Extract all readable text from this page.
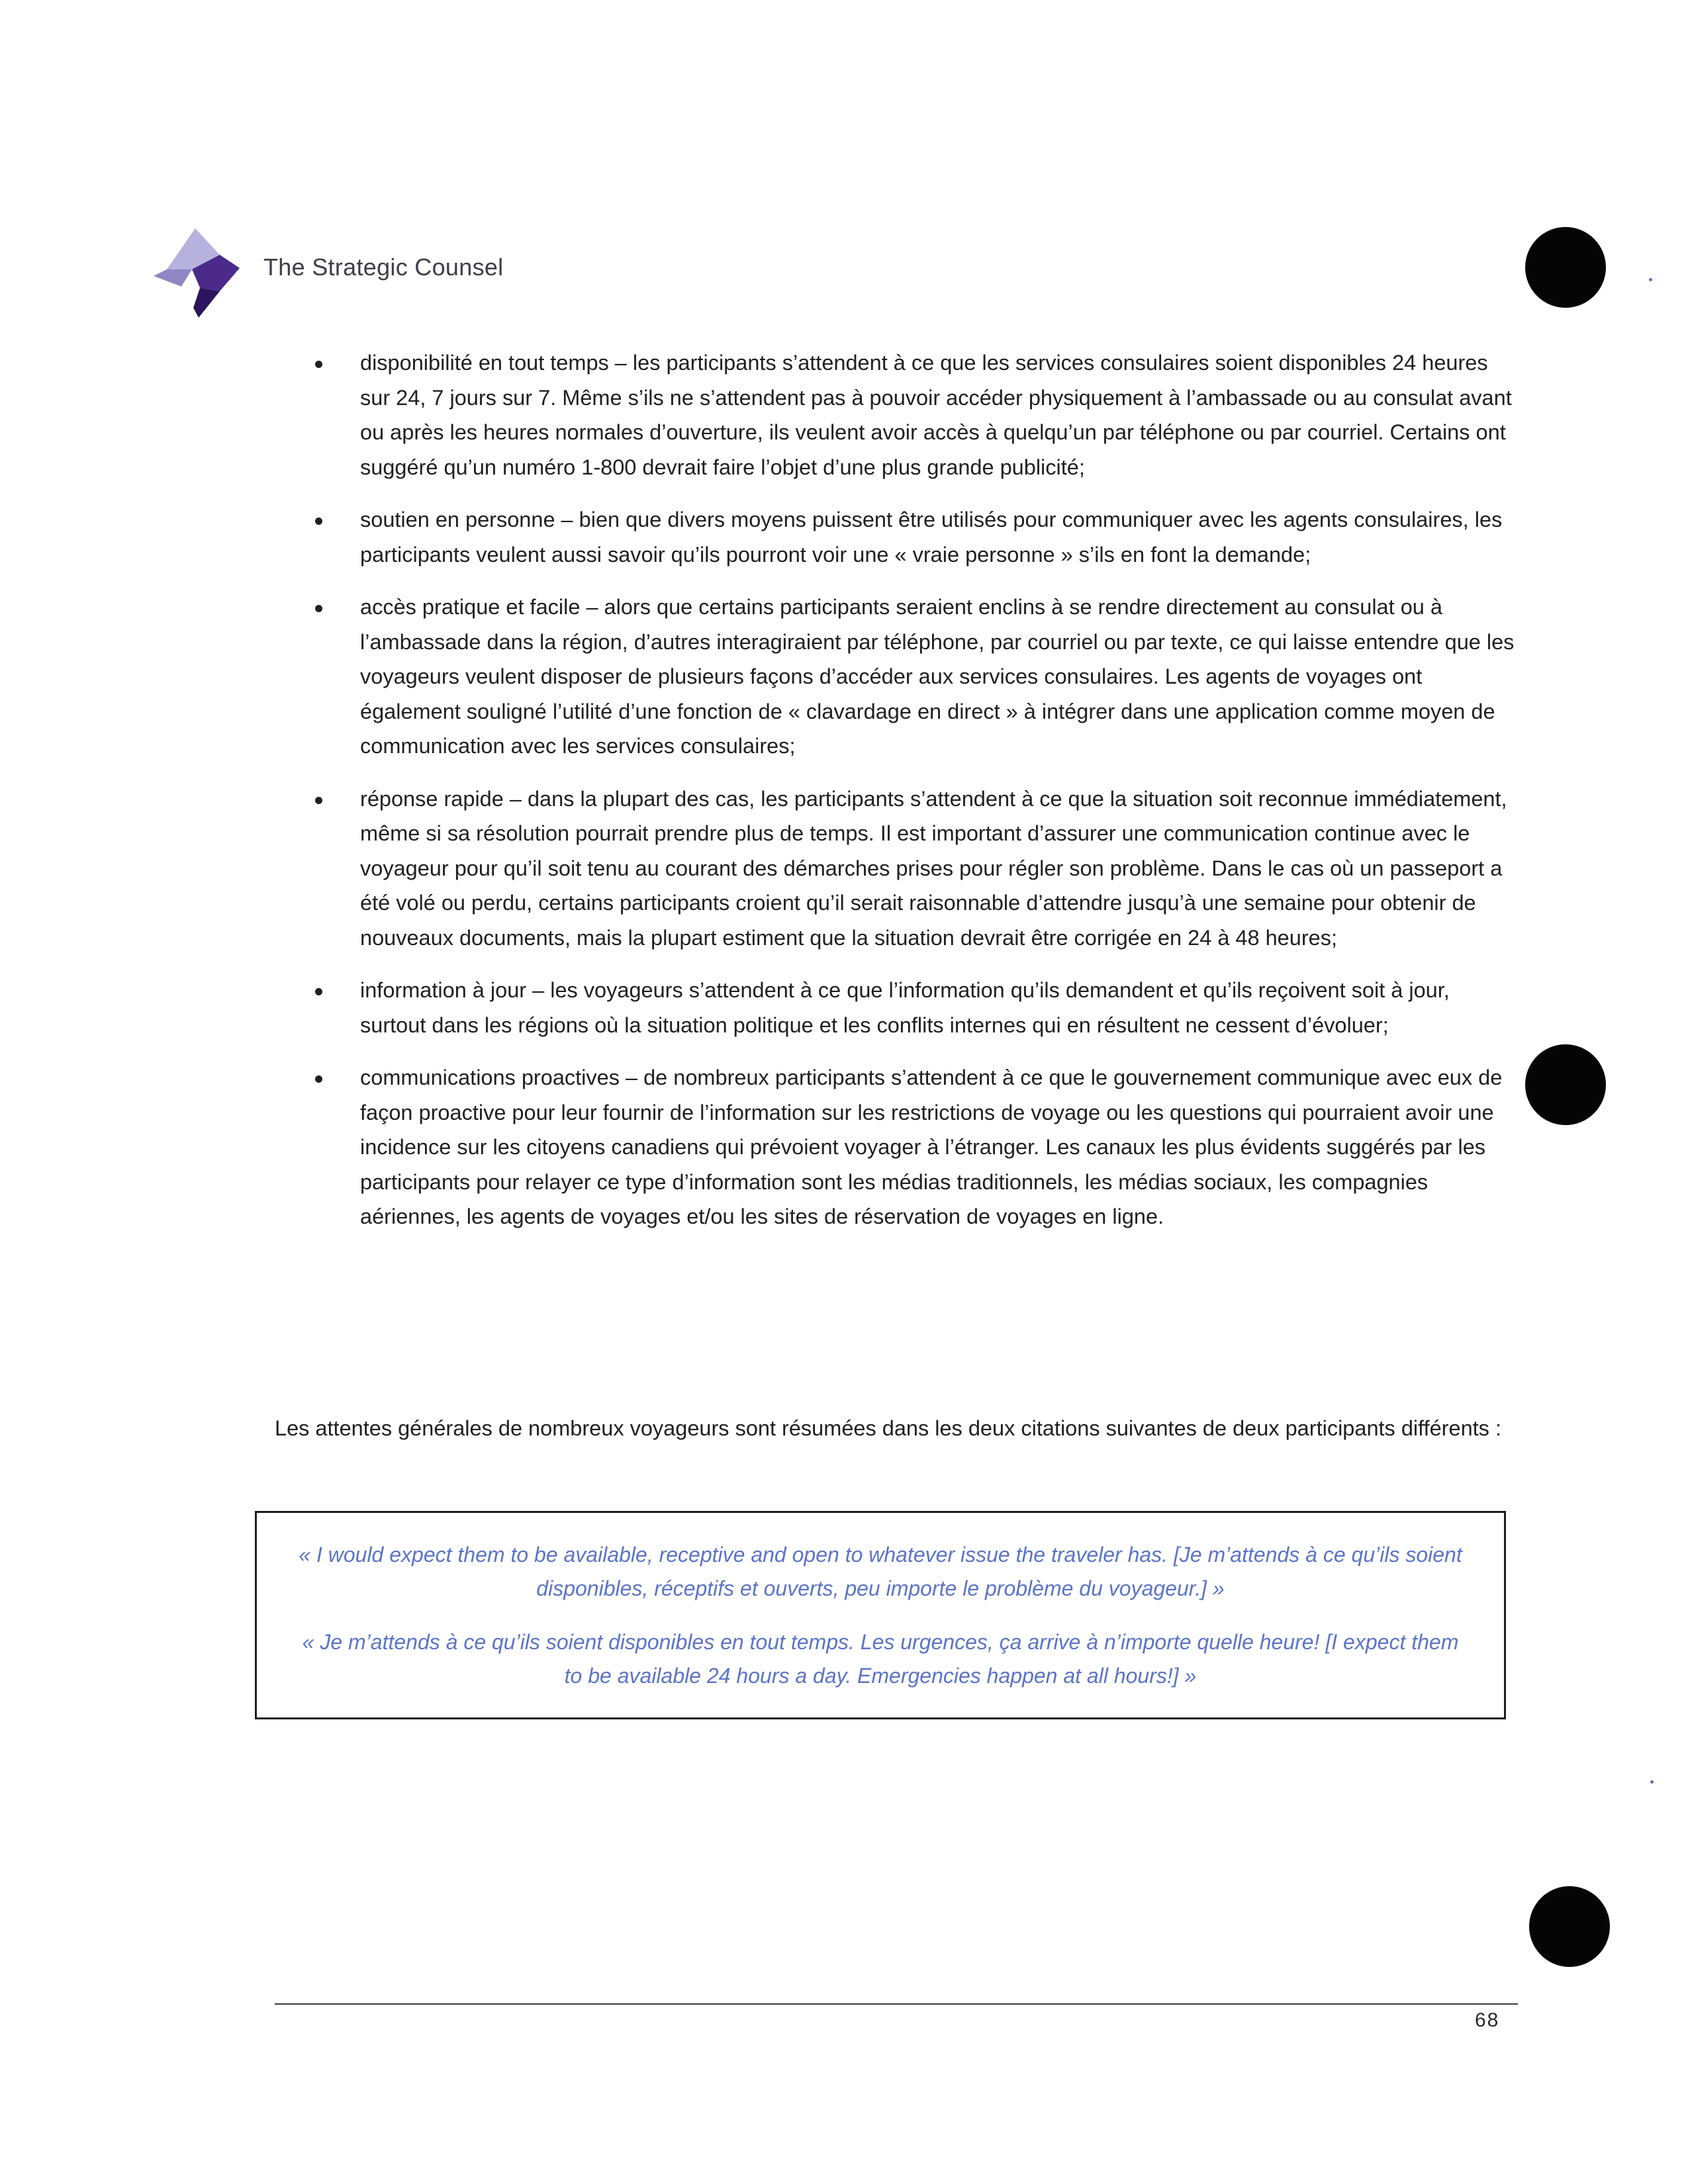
The Strategic Counsel
disponibilité en tout temps – les participants s’attendent à ce que les services consulaires soient disponibles 24 heures sur 24, 7 jours sur 7. Même s’ils ne s’attendent pas à pouvoir accéder physiquement à l’ambassade ou au consulat avant ou après les heures normales d’ouverture, ils veulent avoir accès à quelqu’un par téléphone ou par courriel. Certains ont suggéré qu’un numéro 1-800 devrait faire l’objet d’une plus grande publicité;
soutien en personne – bien que divers moyens puissent être utilisés pour communiquer avec les agents consulaires, les participants veulent aussi savoir qu’ils pourront voir une « vraie personne » s’ils en font la demande;
accès pratique et facile – alors que certains participants seraient enclins à se rendre directement au consulat ou à l’ambassade dans la région, d’autres interagiraient par téléphone, par courriel ou par texte, ce qui laisse entendre que les voyageurs veulent disposer de plusieurs façons d’accéder aux services consulaires. Les agents de voyages ont également souligné l’utilité d’une fonction de « clavardage en direct » à intégrer dans une application comme moyen de communication avec les services consulaires;
réponse rapide – dans la plupart des cas, les participants s’attendent à ce que la situation soit reconnue immédiatement, même si sa résolution pourrait prendre plus de temps. Il est important d’assurer une communication continue avec le voyageur pour qu’il soit tenu au courant des démarches prises pour régler son problème. Dans le cas où un passeport a été volé ou perdu, certains participants croient qu’il serait raisonnable d’attendre jusqu’à une semaine pour obtenir de nouveaux documents, mais la plupart estiment que la situation devrait être corrigée en 24 à 48 heures;
information à jour – les voyageurs s’attendent à ce que l’information qu’ils demandent et qu’ils reçoivent soit à jour, surtout dans les régions où la situation politique et les conflits internes qui en résultent ne cessent d’évoluer;
communications proactives – de nombreux participants s’attendent à ce que le gouvernement communique avec eux de façon proactive pour leur fournir de l’information sur les restrictions de voyage ou les questions qui pourraient avoir une incidence sur les citoyens canadiens qui prévoient voyager à l’étranger. Les canaux les plus évidents suggérés par les participants pour relayer ce type d’information sont les médias traditionnels, les médias sociaux, les compagnies aériennes, les agents de voyages et/ou les sites de réservation de voyages en ligne.

Les attentes générales de nombreux voyageurs sont résumées dans les deux citations suivantes de deux participants différents :

« I would expect them to be available, receptive and open to whatever issue the traveler has. [Je m’attends à ce qu’ils soient disponibles, réceptifs et ouverts, peu importe le problème du voyageur.] »

« Je m’attends à ce qu’ils soient disponibles en tout temps. Les urgences, ça arrive à n’importe quelle heure! [I expect them to be available 24 hours a day. Emergencies happen at all hours!] »

68
